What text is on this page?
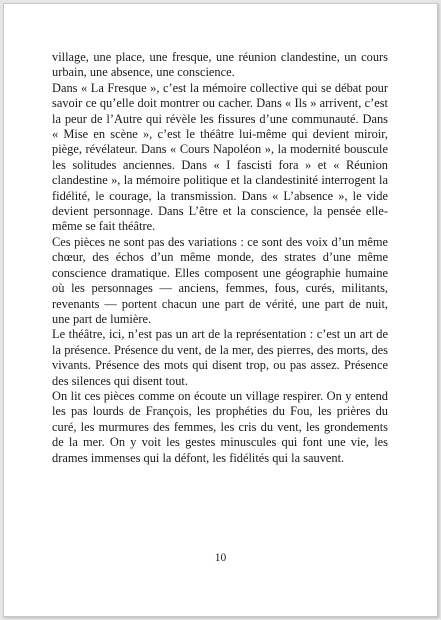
village, une place, une fresque, une réunion clandestine, un cours urbain, une absence, une conscience.

Dans « La Fresque », c’est la mémoire collective qui se débat pour savoir ce qu’elle doit montrer ou cacher. Dans « Ils » arrivent, c’est la peur de l’Autre qui révèle les fissures d’une communauté. Dans « Mise en scène », c’est le théâtre lui-même qui devient miroir, piège, révélateur. Dans « Cours Napoléon », la modernité bouscule les solitudes anciennes. Dans « I fascisti fora » et « Réunion clandestine », la mémoire politique et la clandestinité interrogent la fidélité, le courage, la transmission. Dans « L’absence », le vide devient personnage. Dans L’être et la conscience, la pensée elle-même se fait théâtre.

Ces pièces ne sont pas des variations : ce sont des voix d’un même chœur, des échos d’un même monde, des strates d’une même conscience dramatique. Elles composent une géographie humaine où les personnages — anciens, femmes, fous, curés, militants, revenants — portent chacun une part de vérité, une part de nuit, une part de lumière.

Le théâtre, ici, n’est pas un art de la représentation : c’est un art de la présence. Présence du vent, de la mer, des pierres, des morts, des vivants. Présence des mots qui disent trop, ou pas assez. Présence des silences qui disent tout.

On lit ces pièces comme on écoute un village respirer. On y entend les pas lourds de François, les prophéties du Fou, les prières du curé, les murmures des femmes, les cris du vent, les grondements de la mer. On y voit les gestes minuscules qui font une vie, les drames immenses qui la défont, les fidélités qui la sauvent.

10
